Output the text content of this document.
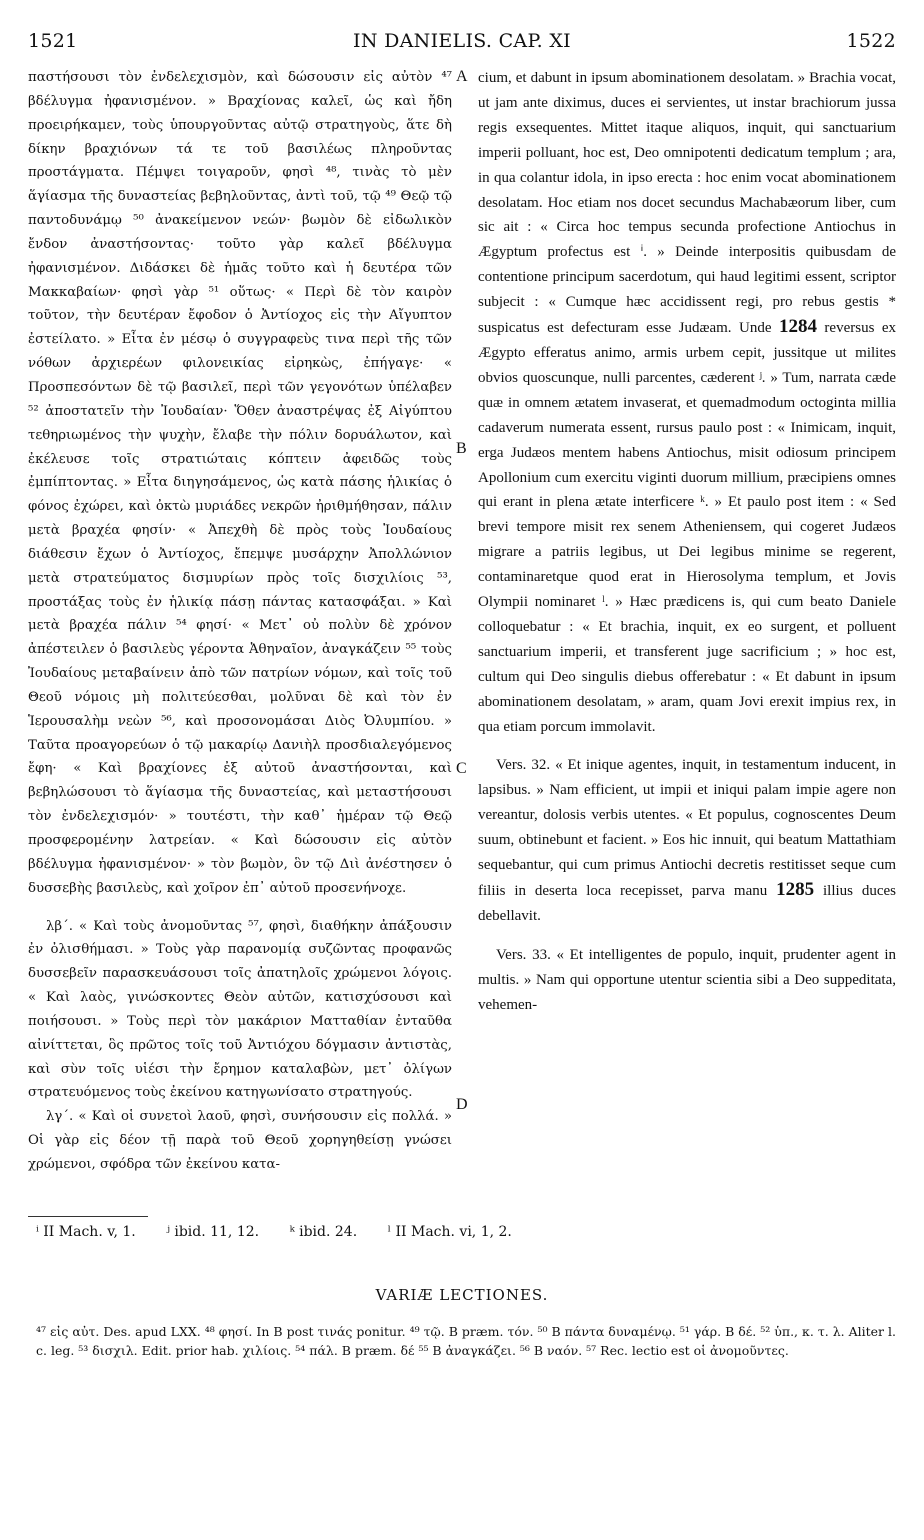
1521	IN DANIELIS. CAP. XI	1522

παστήσουσι τὸν ἐνδελεχισμὸν, καὶ δώσουσιν εἰς αὐτὸν ⁴⁷ βδέλυγμα ἠφανισμένον. » Βραχίονας καλεῖ, ὡς καὶ ἤδη προειρήκαμεν, τοὺς ὑπουργοῦντας αὐτῷ στρατηγοὺς, ἅτε δὴ δίκην βραχιόνων τά τε τοῦ βασιλέως πληροῦντας προστάγματα. Πέμψει τοιγαροῦν, φησὶ ⁴⁸, τινὰς τὸ μὲν ἅγίασμα τῆς δυναστείας βεβηλοῦντας, ἀντὶ τοῦ, τῷ ⁴⁹ Θεῷ τῷ παντοδυνάμῳ ⁵⁰ ἀνακείμενον νεών· βωμὸν δὲ εἰδωλικὸν ἔνδον ἀναστήσοντας· τοῦτο γὰρ καλεῖ βδέλυγμα ἠφανισμένον. Διδάσκει δὲ ἡμᾶς τοῦτο καὶ ἡ δευτέρα τῶν Μακκαβαίων· φησὶ γὰρ ⁵¹ οὕτως· « Περὶ δὲ τὸν καιρὸν τοῦτον, τὴν δευτέραν ἔφοδον ὁ Ἀντίοχος εἰς τὴν Αἴγυπτον ἐστείλατο. » Εἶτα ἐν μέσῳ ὁ συγγραφεὺς τινα περὶ τῆς τῶν νόθων ἀρχιερέων φιλονεικίας εἰρηκὼς, ἐπήγαγε· « Προσπεσόντων δὲ τῷ βασιλεῖ, περὶ τῶν γεγονότων ὑπέλαβεν ⁵² ἀποστατεῖν τὴν Ἰουδαίαν· Ὅθεν ἀναστρέψας ἐξ Αἰγύπτου τεθηριωμένος τὴν ψυχὴν, ἔλαβε τὴν πόλιν δορυάλωτον, καὶ ἐκέλευσε τοῖς στρατιώταις κόπτειν ἀφειδῶς τοὺς ἐμπίπτοντας. » Εἶτα διηγησάμενος, ὡς κατὰ πάσης ἡλικίας ὁ φόνος ἐχώρει, καὶ ὀκτὼ μυριάδες νεκρῶν ἠριθμήθησαν, πάλιν μετὰ βραχέα φησίν· « Ἀπεχθὴ δὲ πρὸς τοὺς Ἰουδαίους διάθεσιν ἔχων ὁ Ἀντίοχος, ἔπεμψε μυσάρχην Ἀπολλώνιον μετὰ στρατεύματος δισμυρίων πρὸς τοῖς δισχιλίοις ⁵³, προστάξας τοὺς ἐν ἡλικίᾳ πάσῃ πάντας κατασφάξαι. » Καὶ μετὰ βραχέα πάλιν ⁵⁴ φησί· « Μετ᾽ οὐ πολὺν δὲ χρόνον ἀπέστειλεν ὁ βασιλεὺς γέροντα Ἀθηναῖον, ἀναγκάζειν ⁵⁵ τοὺς Ἰουδαίους μεταβαίνειν ἀπὸ τῶν πατρίων νόμων, καὶ τοῖς τοῦ Θεοῦ νόμοις μὴ πολιτεύεσθαι, μολῦναι δὲ καὶ τὸν ἐν Ἱερουσαλὴμ νεὼν ⁵⁶, καὶ προσονομάσαι Διὸς Ὀλυμπίου. » Ταῦτα προαγορεύων ὁ τῷ μακαρίῳ Δανιὴλ προσδιαλεγόμενος ἔφη· « Καὶ βραχίονες ἐξ αὐτοῦ ἀναστήσονται, καὶ βεβηλώσουσι τὸ ἅγίασμα τῆς δυναστείας, καὶ μεταστήσουσι τὸν ἐνδελεχισμόν· » τουτέστι, τὴν καθ᾽ ἡμέραν τῷ Θεῷ προσφερομένην λατρείαν. « Καὶ δώσουσιν εἰς αὐτὸν βδέλυγμα ἠφανισμένον· » τὸν βωμὸν, ὃν τῷ Διὶ ἀνέστησεν ὁ δυσσεβὴς βασιλεὺς, καὶ χοῖρον ἐπ᾽ αὐτοῦ προσενήνοχε.

λβ΄. « Καὶ τοὺς ἀνομοῦντας ⁵⁷, φησὶ, διαθήκην ἀπάξουσιν ἐν ὀλισθήμασι. » Τοὺς γὰρ παρανομίᾳ συζῶντας προφανῶς δυσσεβεῖν παρασκευάσουσι τοῖς ἀπατηλοῖς χρώμενοι λόγοις. « Καὶ λαὸς, γινώσκοντες Θεὸν αὐτῶν, κατισχύσουσι καὶ ποιήσουσι. » Τοὺς περὶ τὸν μακάριον Ματταθίαν ἐνταῦθα αἰνίττεται, ὃς πρῶτος τοῖς τοῦ Ἀντιόχου δόγμασιν ἀντιστὰς, καὶ σὺν τοῖς υἱέσι τὴν ἔρημον καταλαβὼν, μετ᾽ ὀλίγων στρατευόμενος τοὺς ἐκείνου κατηγωνίσατο στρατηγούς.

λγ΄. « Καὶ οἱ συνετοὶ λαοῦ, φησὶ, συνήσουσιν εἰς πολλά. » Οἱ γὰρ εἰς δέον τῇ παρὰ τοῦ Θεοῦ χορηγηθείσῃ γνώσει χρώμενοι, σφόδρα τῶν ἐκείνου κατα-

A
B
C
D

cium, et dabunt in ipsum abominationem desolatam. » Brachia vocat, ut jam ante diximus, duces ei servientes, ut instar brachiorum jussa regis exsequentes. Mittet itaque aliquos, inquit, qui sanctuarium imperii polluant, hoc est, Deo omnipotenti dedicatum templum ; ara, in qua colantur idola, in ipso erecta : hoc enim vocat abominationem desolatam. Hoc etiam nos docet secundus Machabæorum liber, cum sic ait : « Circa hoc tempus secunda profectione Antiochus in Ægyptum profectus est ⁱ. » Deinde interpositis quibusdam de contentione principum sacerdotum, qui haud legitimi essent, scriptor subjecit : « Cumque hæc accidissent regi, pro rebus gestis * suspicatus est defecturam esse Judæam. Unde 1284 reversus ex Ægypto efferatus animo, armis urbem cepit, jussitque ut milites obvios quoscunque, nulli parcentes, cæderent ʲ. » Tum, narrata cæde quæ in omnem ætatem invaserat, et quemadmodum octoginta millia cadaverum numerata essent, rursus paulo post : « Inimicam, inquit, erga Judæos mentem habens Antiochus, misit odiosum principem Apollonium cum exercitu viginti duorum millium, præcipiens omnes qui erant in plena ætate interficere ᵏ. » Et paulo post item : « Sed brevi tempore misit rex senem Atheniensem, qui cogeret Judæos migrare a patriis legibus, ut Dei legibus minime se regerent, contaminaretque quod erat in Hierosolyma templum, et Jovis Olympii nominaret ˡ. » Hæc prædicens is, qui cum beato Daniele colloquebatur : « Et brachia, inquit, ex eo surgent, et polluent sanctuarium imperii, et transferent juge sacrificium ; » hoc est, cultum qui Deo singulis diebus offerebatur : « Et dabunt in ipsum abominationem desolatam, » aram, quam Jovi erexit impius rex, in qua etiam porcum immolavit.

Vers. 32. « Et inique agentes, inquit, in testamentum inducent, in lapsibus. » Nam efficient, ut impii et iniqui palam impie agere non vereantur, dolosis verbis utentes. « Et populus, cognoscentes Deum suum, obtinebunt et facient. » Eos hic innuit, qui beatum Mattathiam sequebantur, qui cum primus Antiochi decretis restitisset seque cum filiis in deserta loca recepisset, parva manu 1285 illius duces debellavit.

Vers. 33. « Et intelligentes de populo, inquit, prudenter agent in multis. » Nam qui opportune utentur scientia sibi a Deo suppeditata, vehemen-

ⁱ II Mach. v, 1. ʲ ibid. 11, 12. ᵏ ibid. 24. ˡ II Mach. vi, 1, 2.
VARIÆ LECTIONES.
⁴⁷ εἰς αὐτ. Des. apud LXX. ⁴⁸ φησί. In B post τινάς ponitur. ⁴⁹ τῷ. B præm. τόν. ⁵⁰ B πάντα δυναμένῳ. ⁵¹ γάρ. B δέ. ⁵² ὑπ., κ. τ. λ. Aliter l. c. leg. ⁵³ δισχιλ. Edit. prior hab. χιλίοις. ⁵⁴ πάλ. B præm. δέ ⁵⁵ B ἀναγκάζει. ⁵⁶ B ναόν. ⁵⁷ Rec. lectio est οἱ ἀνομοῦντες.
